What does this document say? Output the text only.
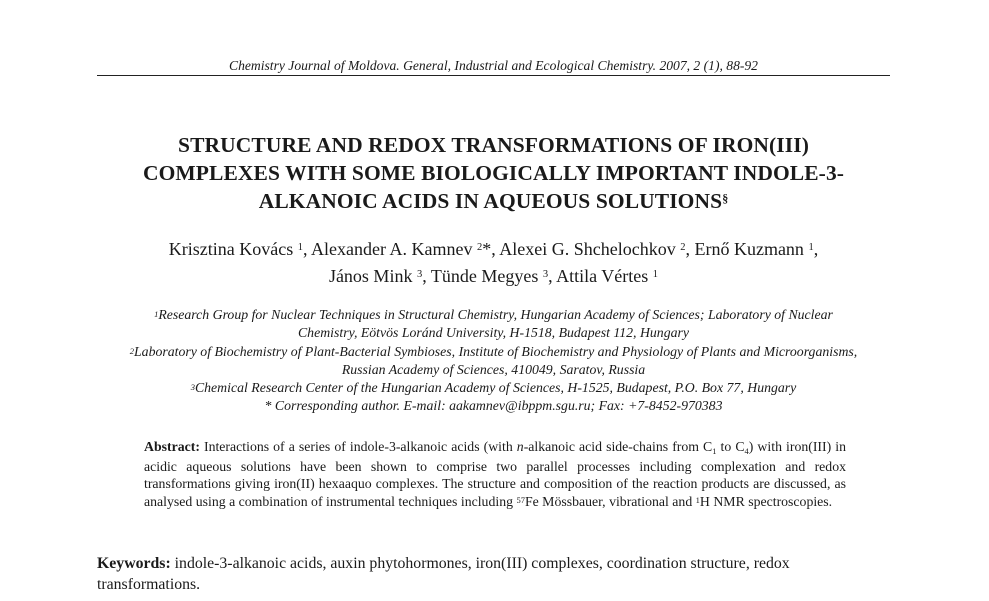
Chemistry Journal of Moldova. General, Industrial and Ecological Chemistry. 2007, 2 (1), 88-92
STRUCTURE AND REDOX TRANSFORMATIONS OF IRON(III)
COMPLEXES WITH SOME BIOLOGICALLY IMPORTANT INDOLE-3-
ALKANOIC ACIDS IN AQUEOUS SOLUTIONS§
Krisztina Kovács $^1$, Alexander A. Kamnev $^2$*, Alexei G. Shchelochkov $^2$, Ernő Kuzmann $^1$,
János Mink $^3$, Tünde Megyes $^3$, Attila Vértes $^1$
$^1$Research Group for Nuclear Techniques in Structural Chemistry, Hungarian Academy of Sciences; Laboratory of Nuclear
Chemistry, Eötvös Loránd University, H-1518, Budapest 112, Hungary
$^2$Laboratory of Biochemistry of Plant-Bacterial Symbioses, Institute of Biochemistry and Physiology of Plants and Microorganisms,
Russian Academy of Sciences, 410049, Saratov, Russia
$^3$Chemical Research Center of the Hungarian Academy of Sciences, H-1525, Budapest, P.O. Box 77, Hungary
* Corresponding author. E-mail: aakamnev@ibppm.sgu.ru; Fax: +7-8452-970383
Abstract: Interactions of a series of indole-3-alkanoic acids (with n-alkanoic acid side-chains from $C_1$ to $C_4$) with iron(III) in acidic aqueous solutions have been shown to comprise two parallel processes including complexation and redox transformations giving iron(II) hexaaquo complexes. The structure and composition of the reaction products are discussed, as analysed using a combination of instrumental techniques including $^{57}$Fe Mössbauer, vibrational and $^1$H NMR spectroscopies.
Keywords: indole-3-alkanoic acids, auxin phytohormones, iron(III) complexes, coordination structure, redox transformations.
